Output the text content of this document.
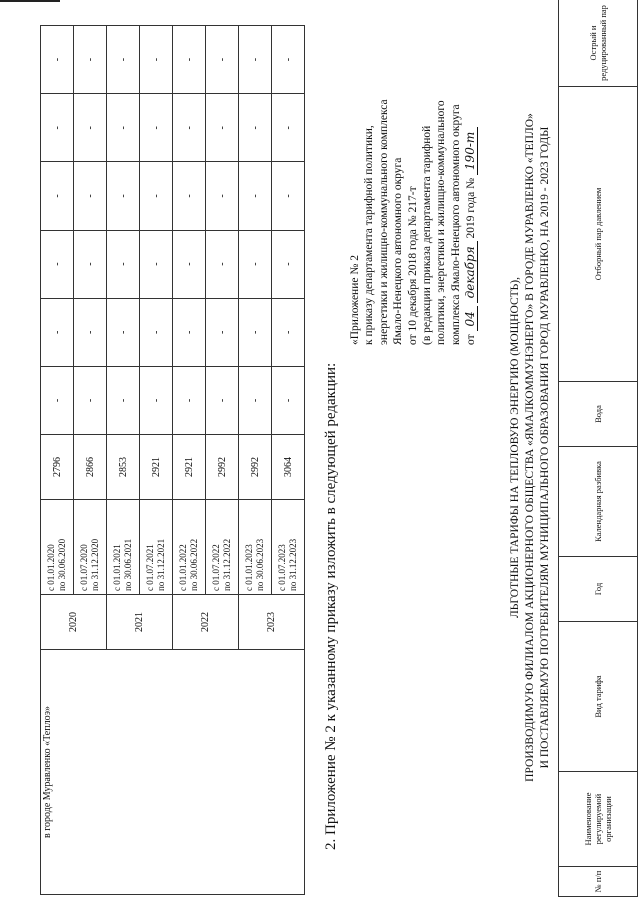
в городе Муравленко «Теплоэ»	2020	с 01.01.2020 по 30.06.2020	2796	-	-	-	-	-	-

		с 01.07.2020 по 31.12.2020	2866	-	-	-	-	-	-
	2021	с 01.01.2021 по 30.06.2021	2853	-	-	-	-	-	-

		с 01.07.2021 по 31.12.2021	2921	-	-	-	-	-	-
	2022	с 01.01.2022 по 30.06.2022	2921	-	-	-	-	-	-

		с 01.07.2022 по 31.12.2022	2992	-	-	-	-	-	-
	2023	с 01.01.2023 по 30.06.2023	2992	-	-	-	-	-	-

		с 01.07.2023 по 31.12.2023	3064	-	-	-	-	-	-

2. Приложение № 2 к указанному приказу изложить в следующей редакции:

«Приложение № 2 к приказу департамента тарифной политики, энергетики и жилищно-коммунального комплекса Ямало-Ненецкого автономного округа от 10 декабря 2018 года № 217-т (в редакции приказа департамента тарифной политики, энергетики и жилищно-коммунального комплекса Ямало-Ненецкого автономного округа от 04 декабря 2019 года № 190-т
ЛЬГОТНЫЕ ТАРИФЫ НА ТЕПЛОВУЮ ЭНЕРГИЮ (МОЩНОСТЬ), ПРОИЗВОДИМУЮ ФИЛИАЛОМ АКЦИОНЕРНОГО ОБЩЕСТВА «ЯМАЛКОММУНЭНЕРГО» В ГОРОДЕ МУРАВЛЕНКО «ТЕПЛО» И ПОСТАВЛЯЕМУЮ ПОТРЕБИТЕЛЯМ МУНИЦИПАЛЬНОГО ОБРАЗОВАНИЯ ГОРОД МУРАВЛЕНКО, НА 2019 - 2023 ГОДЫ
№ п/п	Наименование регулируемой организации	Вид тарифа	Год	Календарная разбивка	Вода	Отборный пар давлением	Острый и редуцированный пар
